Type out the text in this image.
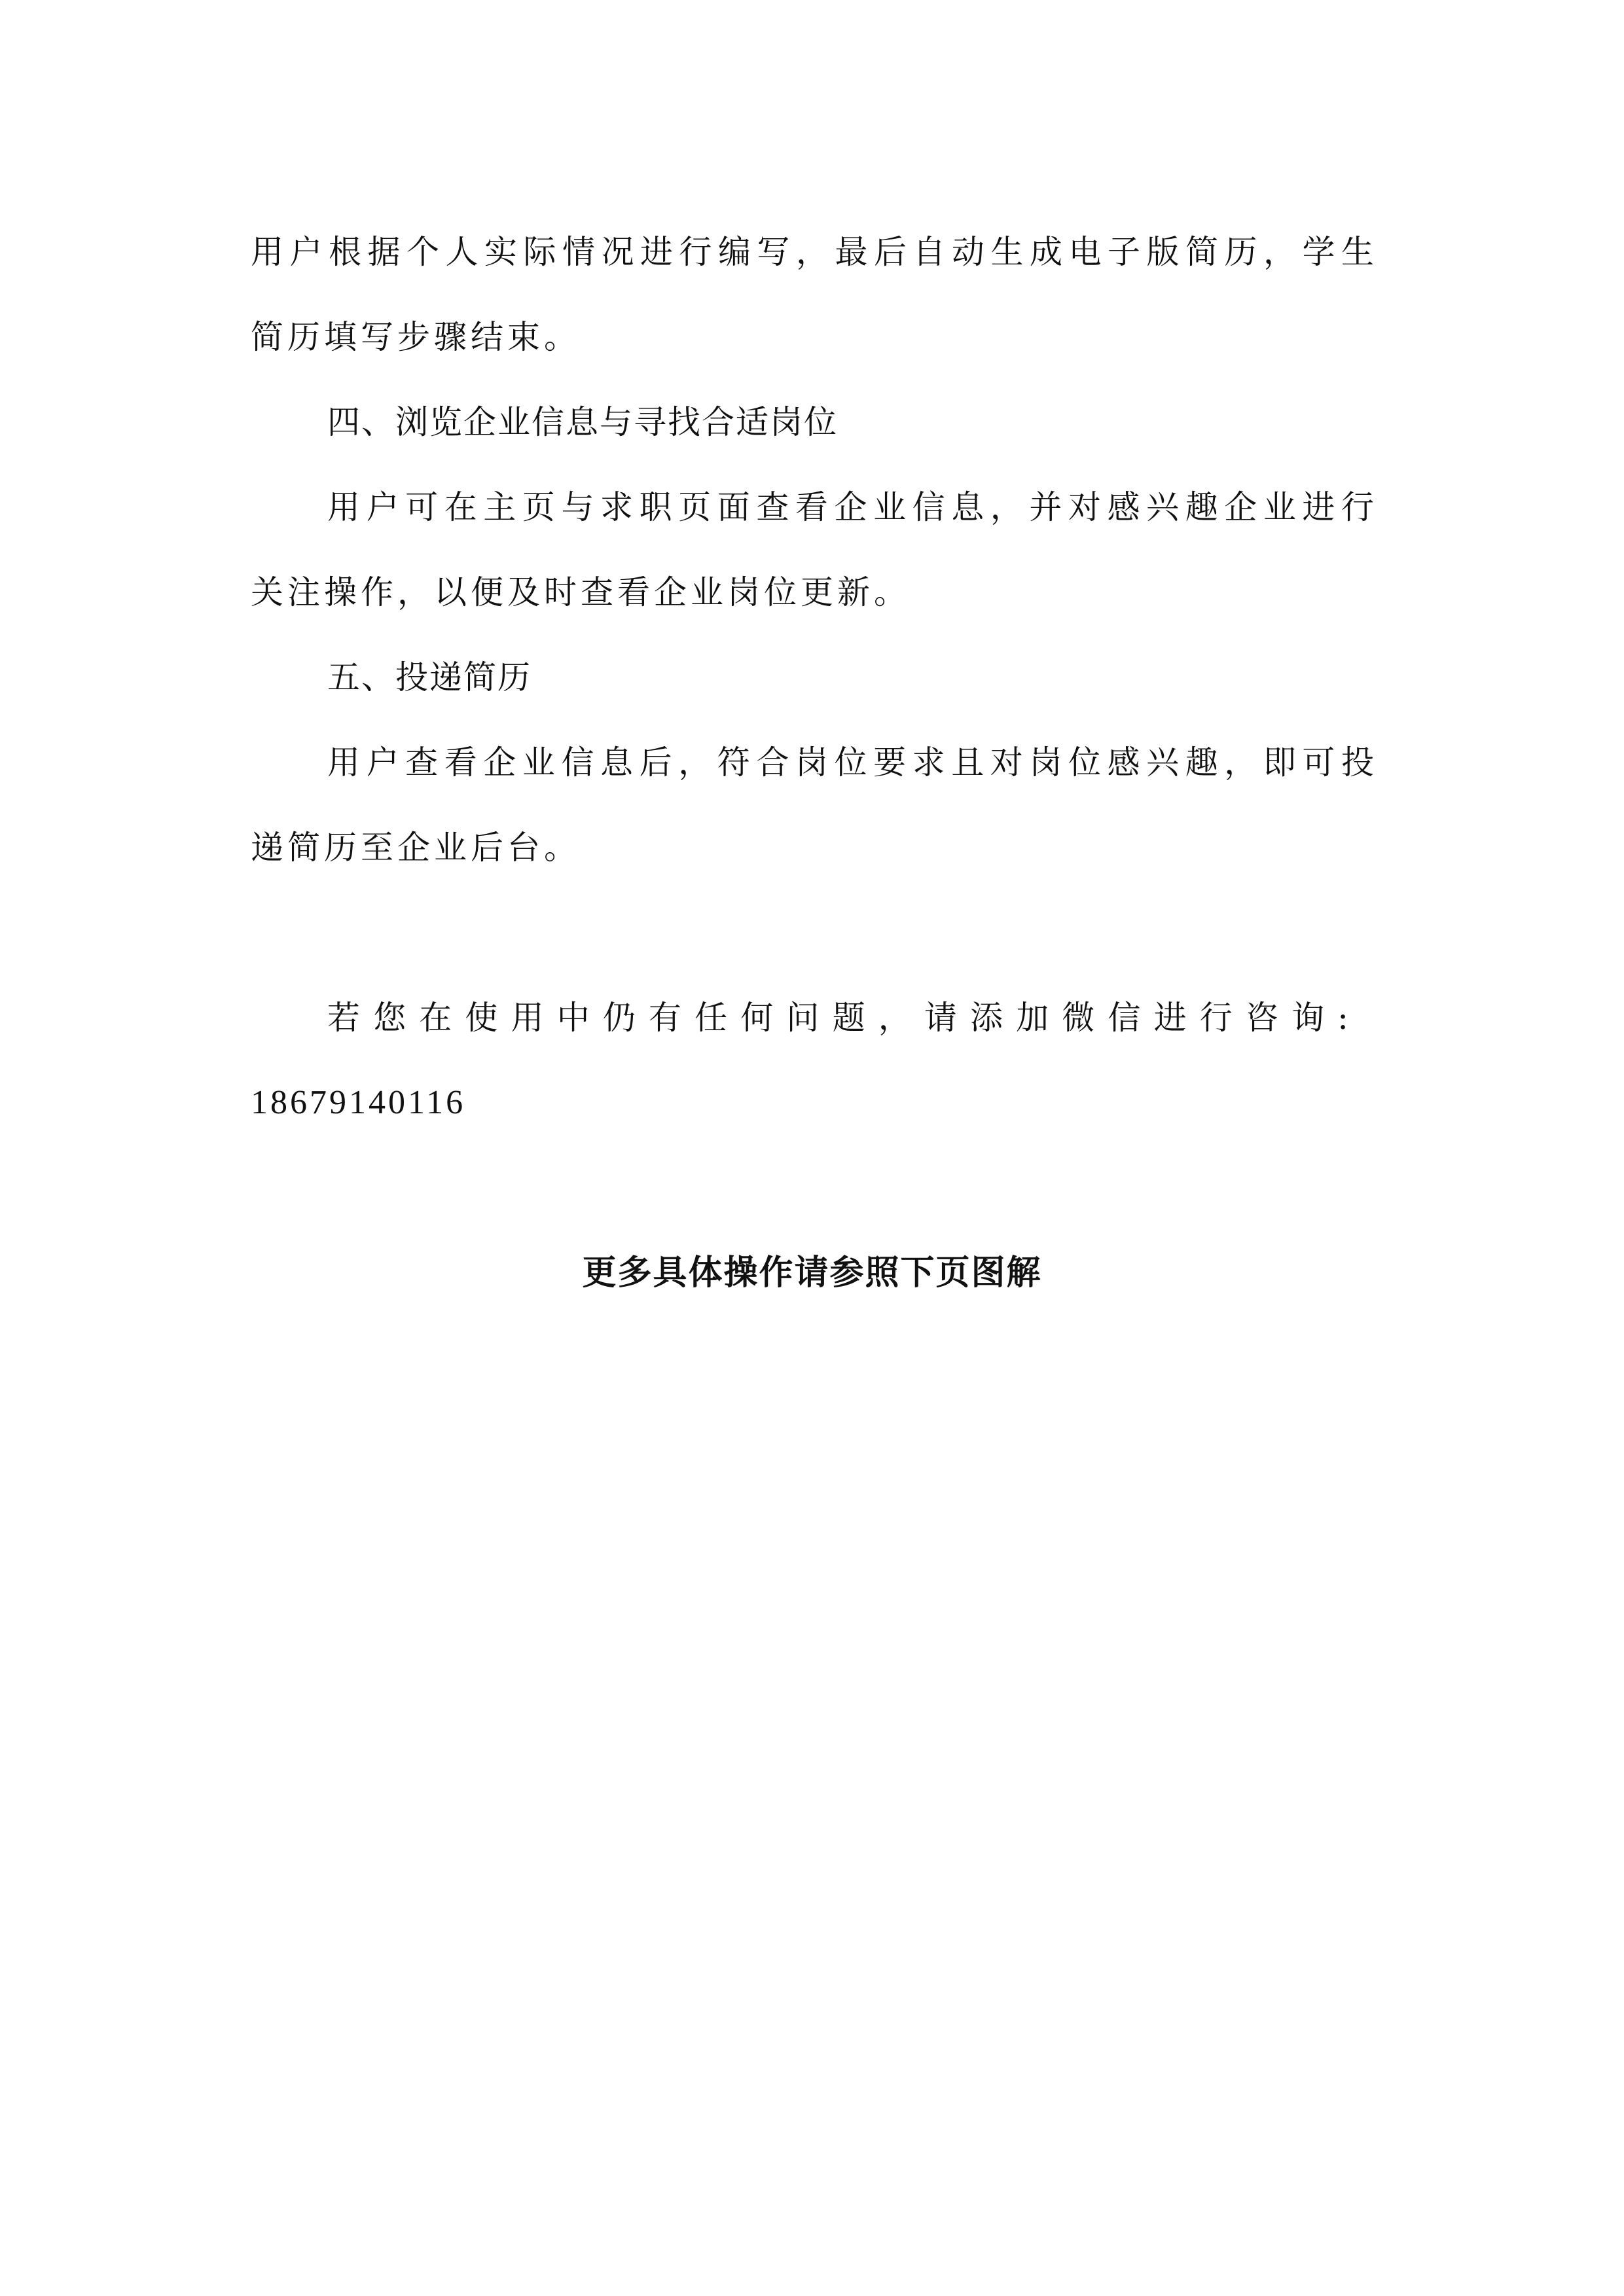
用户根据个人实际情况进行编写，最后自动生成电子版简历，学生
简历填写步骤结束。
四、浏览企业信息与寻找合适岗位
用户可在主页与求职页面查看企业信息，并对感兴趣企业进行
关注操作，以便及时查看企业岗位更新。
五、投递简历
用户查看企业信息后，符合岗位要求且对岗位感兴趣，即可投
递简历至企业后台。
若您在使用中仍有任何问题，请添加微信进行咨询:
18679140116
更多具体操作请参照下页图解
